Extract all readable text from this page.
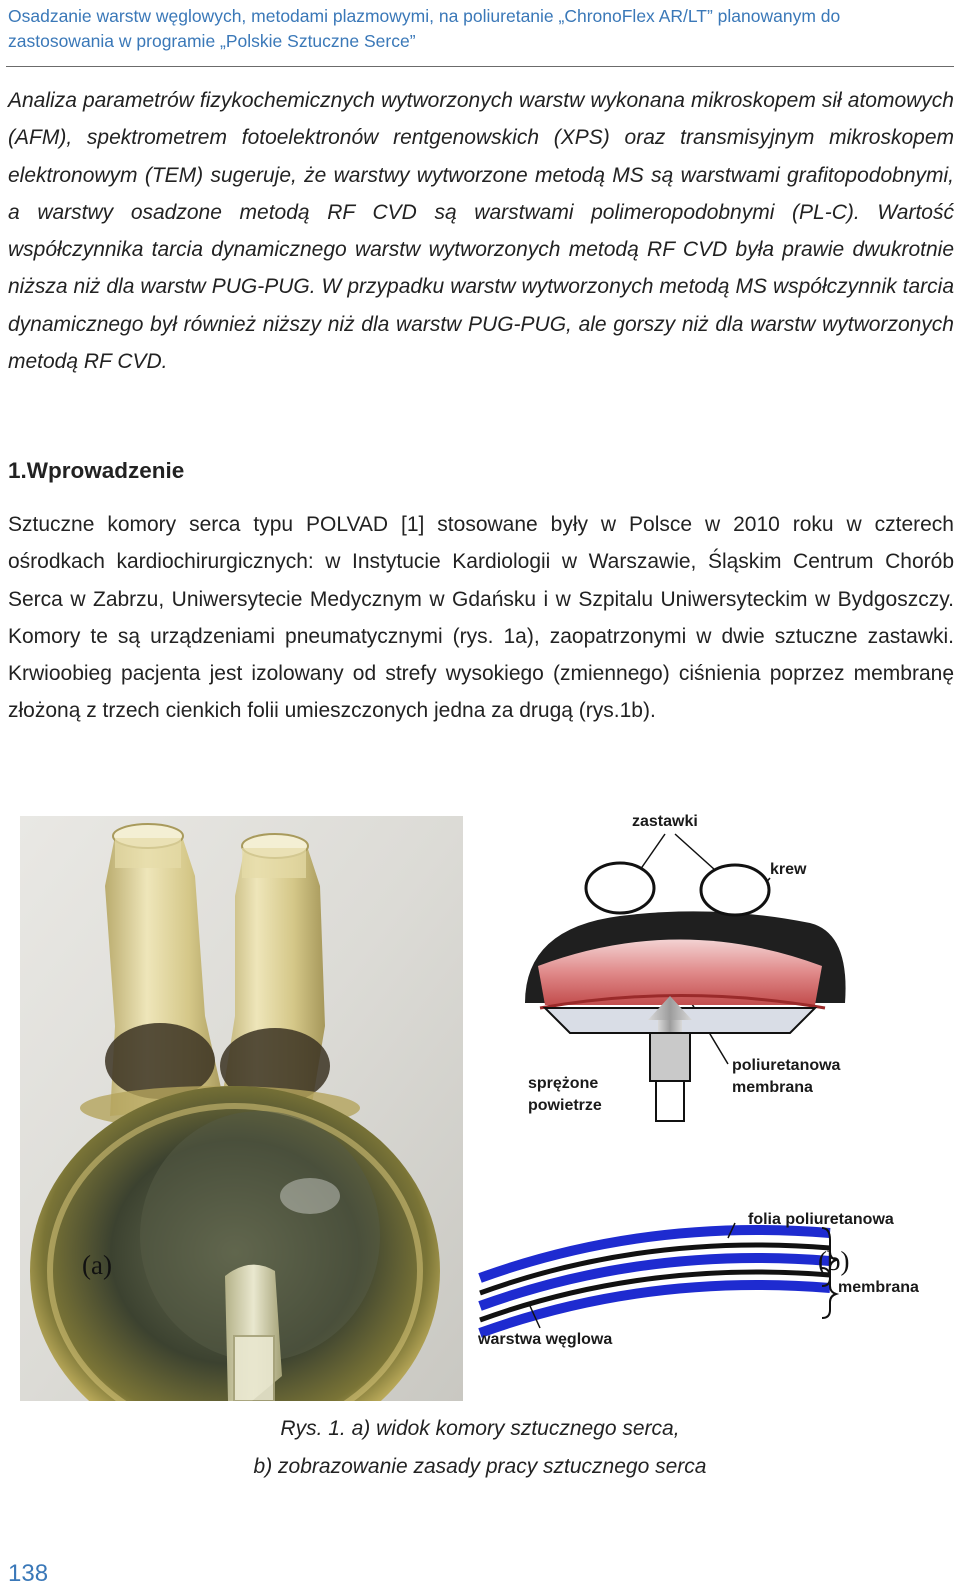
Osadzanie warstw węglowych, metodami plazmowymi, na poliuretanie „ChronoFlex AR/LT” planowanym do
zastosowania w programie „Polskie Sztuczne Serce”
Analiza parametrów fizykochemicznych wytworzonych warstw wykonana mikroskopem sił atomowych (AFM), spektrometrem fotoelektronów rentgenowskich (XPS) oraz transmisyjnym mikroskopem elektronowym (TEM) sugeruje, że warstwy wytworzone metodą MS są warstwami grafitopodobnymi, a warstwy osadzone metodą RF CVD są warstwami polimeropodobnymi (PL-C). Wartość współczynnika tarcia dynamicznego warstw wytworzonych metodą RF CVD była prawie dwukrotnie niższa niż dla warstw PUG-PUG. W przypadku warstw wytworzonych metodą MS współczynnik tarcia dynamicznego był również niższy niż dla warstw PUG-PUG, ale gorszy niż dla warstw wytworzonych metodą RF CVD.
1.Wprowadzenie
Sztuczne komory serca typu POLVAD [1] stosowane były w Polsce w 2010 roku w czterech ośrodkach kardiochirurgicznych: w Instytucie Kardiologii w Warszawie, Śląskim Centrum Chorób Serca w Zabrzu, Uniwersytecie Medycznym w Gdańsku i w Szpitalu Uniwersyteckim w Bydgoszczy. Komory te są urządzeniami pneumatycznymi (rys. 1a), zaopatrzonymi w dwie sztuczne zastawki. Krwioobieg pacjenta jest izolowany od strefy wysokiego (zmiennego) ciśnienia poprzez membranę złożoną z trzech cienkich folii umieszczonych jedna za drugą (rys.1b).
(a)
zastawki
krew
sprężone
powietrze
poliuretanowa
membrana
folia poliuretanowa
(b)
membrana
warstwa węglowa
Rys. 1. a) widok komory sztucznego serca,
b) zobrazowanie zasady pracy sztucznego serca
138
